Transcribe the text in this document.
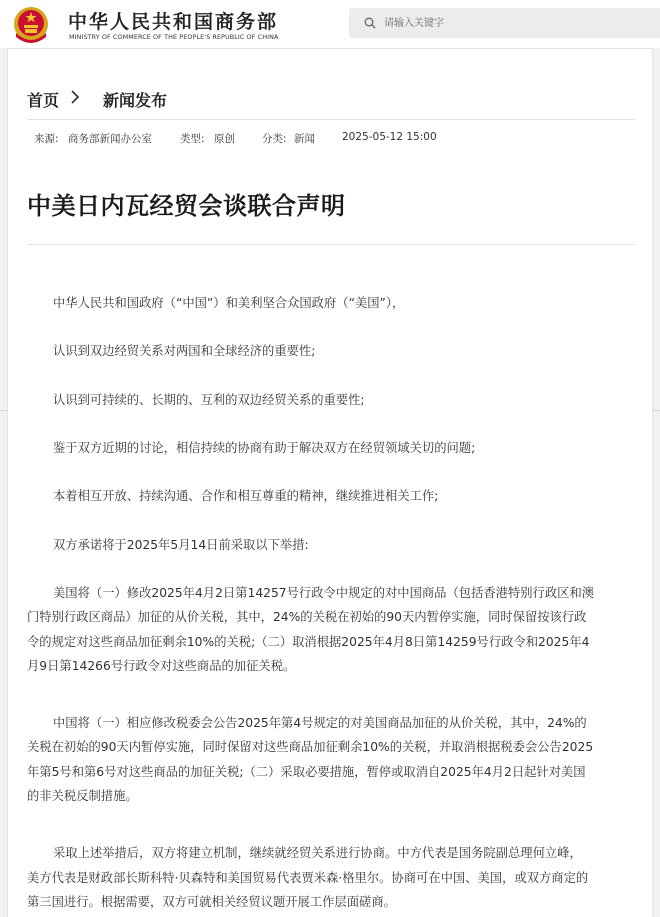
中华人民共和国商务部
MINISTRY OF COMMERCE OF THE PEOPLE'S REPUBLIC OF CHINA
请输入关键字
首页	新闻发布
来源: 商务部新闻办公室	类型: 原创	分类: 新闻	2025-05-12 15:00
中美日内瓦经贸会谈联合声明
中华人民共和国政府（“中国”）和美利坚合众国政府（“美国”），
认识到双边经贸关系对两国和全球经济的重要性;
认识到可持续的、长期的、互利的双边经贸关系的重要性;
鉴于双方近期的讨论，相信持续的协商有助于解决双方在经贸领域关切的问题;
本着相互开放、持续沟通、合作和相互尊重的精神，继续推进相关工作;
双方承诺将于2025年5月14日前采取以下举措:
美国将（一）修改2025年4月2日第14257号行政令中规定的对中国商品（包括香港特别行政区和澳
门特别行政区商品）加征的从价关税，其中，24%的关税在初始的90天内暂停实施，同时保留按该行政
令的规定对这些商品加征剩余10%的关税;（二）取消根据2025年4月8日第14259号行政令和2025年4
月9日第14266号行政令对这些商品的加征关税。
中国将（一）相应修改税委会公告2025年第4号规定的对美国商品加征的从价关税，其中，24%的
关税在初始的90天内暂停实施，同时保留对这些商品加征剩余10%的关税，并取消根据税委会公告2025
年第5号和第6号对这些商品的加征关税;（二）采取必要措施，暂停或取消自2025年4月2日起针对美国
的非关税反制措施。
采取上述举措后，双方将建立机制，继续就经贸关系进行协商。中方代表是国务院副总理何立峰，
美方代表是财政部长斯科特·贝森特和美国贸易代表贾米森·格里尔。协商可在中国、美国，或双方商定的
第三国进行。根据需要，双方可就相关经贸议题开展工作层面磋商。
